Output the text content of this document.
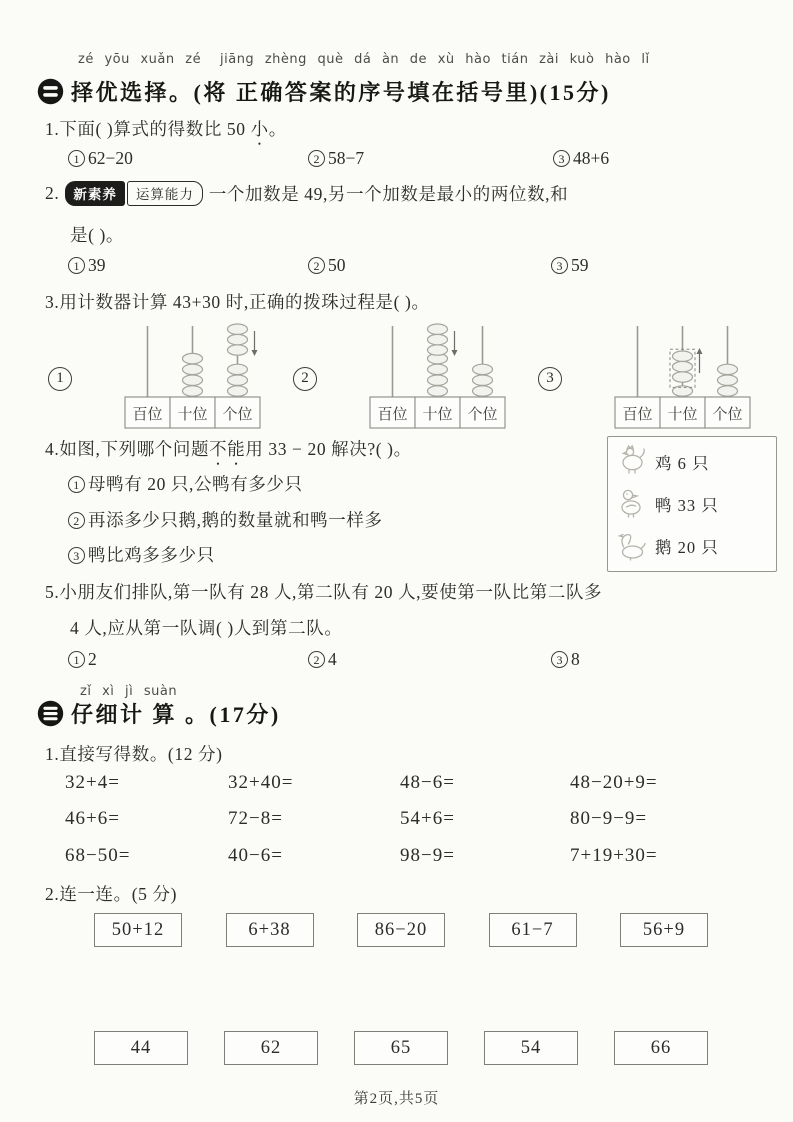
zé yōu xuǎn zé jiāng zhèng què dá àn de xù hào tián zài kuò hào lǐ
择优选择。(将 正确答案的序号填在括号里)(15分)
1.下面( )算式的得数比 50 小。
1 62−20	2 58−7	3 48+6
2.	新素养 运算能力 一个加数是 49,另一个加数是最小的两位数,和
是( )。
1 39	2 50	3 59
3.用计数器计算 43+30 时,正确的拨珠过程是( )。
1
百位 十位 个位
2
百位 十位 个位
3
百位 十位 个位
4.如图,下列哪个问题不能用 33 − 20 解决?( )。
1 母鸭有 20 只,公鸭有多少只
2 再添多少只鹅,鹅的数量就和鸭一样多
3 鸭比鸡多多少只
鸡 6 只
鸭 33 只
鹅 20 只
5.小朋友们排队,第一队有 28 人,第二队有 20 人,要使第一队比第二队多
4 人,应从第一队调( )人到第二队。
1 2	2 4	3 8
zǐ xì jì suàn
仔细计 算 。(17分)
1.直接写得数。(12 分)
32+4=	32+40=	48−6=	48−20+9=
46+6=	72−8=	54+6=	80−9−9=
68−50=	40−6=	98−9=	7+19+30=
2.连一连。(5 分)
50+12	6+38	86−20	61−7	56+9
44	62	65	54	66
第2页,共5页
